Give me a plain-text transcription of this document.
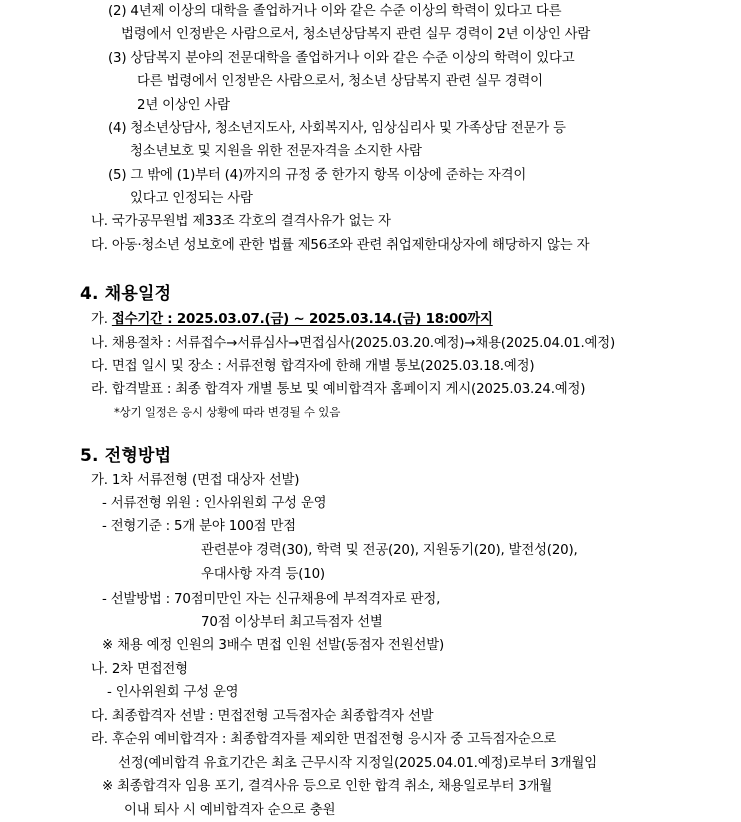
(2) 4년제 이상의 대학을 졸업하거나 이와 같은 수준 이상의 학력이 있다고 다른
법령에서 인정받은 사람으로서, 청소년상담복지 관련 실무 경력이 2년 이상인 사람
(3) 상담복지 분야의 전문대학을 졸업하거나 이와 같은 수준 이상의 학력이 있다고
다른 법령에서 인정받은 사람으로서, 청소년 상담복지 관련 실무 경력이
2년 이상인 사람
(4) 청소년상담사, 청소년지도사, 사회복지사, 임상심리사 및 가족상담 전문가 등
청소년보호 및 지원을 위한 전문자격을 소지한 사람
(5) 그 밖에 (1)부터 (4)까지의 규정 중 한가지 항목 이상에 준하는 자격이
있다고 인정되는 사람
나. 국가공무원법 제33조 각호의 결격사유가 없는 자
다. 아동·청소년 성보호에 관한 법률 제56조와 관련 취업제한대상자에 해당하지 않는 자
4. 채용일정
가. 접수기간 : 2025.03.07.(금) ~ 2025.03.14.(금) 18:00까지
나. 채용절차 : 서류접수→서류심사→면접심사(2025.03.20.예정)→채용(2025.04.01.예정)
다. 면접 일시 및 장소 : 서류전형 합격자에 한해 개별 통보(2025.03.18.예정)
라. 합격발표 : 최종 합격자 개별 통보 및 예비합격자 홈페이지 게시(2025.03.24.예정)
*상기 일정은 응시 상황에 따라 변경될 수 있음
5. 전형방법
가. 1차 서류전형 (면접 대상자 선발)
- 서류전형 위원 : 인사위원회 구성 운영
- 전형기준 : 5개 분야 100점 만점
관련분야 경력(30), 학력 및 전공(20), 지원동기(20), 발전성(20),
우대사항 자격 등(10)
- 선발방법 : 70점미만인 자는 신규채용에 부적격자로 판정,
70점 이상부터 최고득점자 선별
※ 채용 예정 인원의 3배수 면접 인원 선발(동점자 전원선발)
나. 2차 면접전형
- 인사위원회 구성 운영
다. 최종합격자 선발 : 면접전형 고득점자순 최종합격자 선발
라. 후순위 예비합격자 : 최종합격자를 제외한 면접전형 응시자 중 고득점자순으로
선정(예비합격 유효기간은 최초 근무시작 지정일(2025.04.01.예정)로부터 3개월임
※ 최종합격자 임용 포기, 결격사유 등으로 인한 합격 취소, 채용일로부터 3개월
이내 퇴사 시 예비합격자 순으로 충원
